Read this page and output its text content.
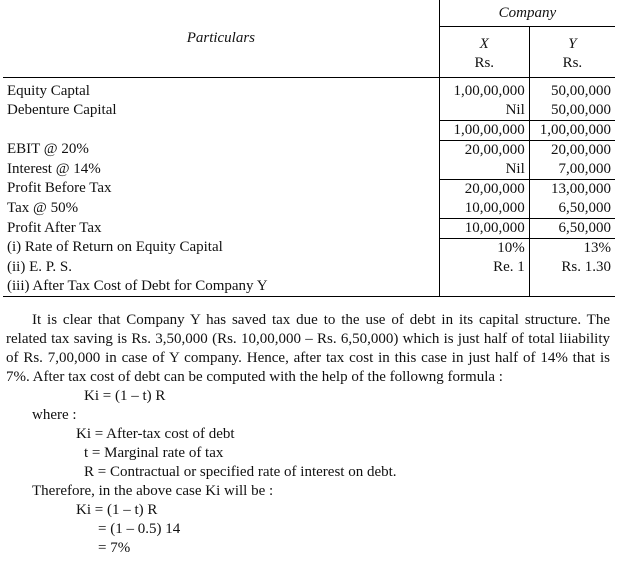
Particulars	Company	
	X	Y
	Rs.	Rs.

Equity Captal	1,00,00,000	50,00,000
Debenture Capital	Nil	50,00,000
	1,00,00,000	1,00,00,000
EBIT @ 20%	20,00,000	20,00,000
Interest @ 14%	Nil	7,00,000
Profit Before Tax	20,00,000	13,00,000
Tax @ 50%	10,00,000	6,50,000
Profit After Tax	10,00,000	6,50,000
(i) Rate of Return on Equity Capital	10%	13%
(ii) E. P. S.	Re. 1	Rs. 1.30
(iii) After Tax Cost of Debt for Company Y		

It is clear that Company Y has saved tax due to the use of debt in its capital structure. The related tax saving is Rs. 3,50,000 (Rs. 10,00,000 – Rs. 6,50,000) which is just half of total liiability of Rs. 7,00,000 in case of Y company. Hence, after tax cost in this case in just half of 14% that is 7%. After tax cost of debt can be computed with the help of the followng formula :

Ki = (1 – t) R

where :

Ki = After-tax cost of debt

t = Marginal rate of tax

R = Contractual or specified rate of interest on debt.

Therefore, in the above case Ki will be :

Ki = (1 – t) R

= (1 – 0.5) 14

= 7%
